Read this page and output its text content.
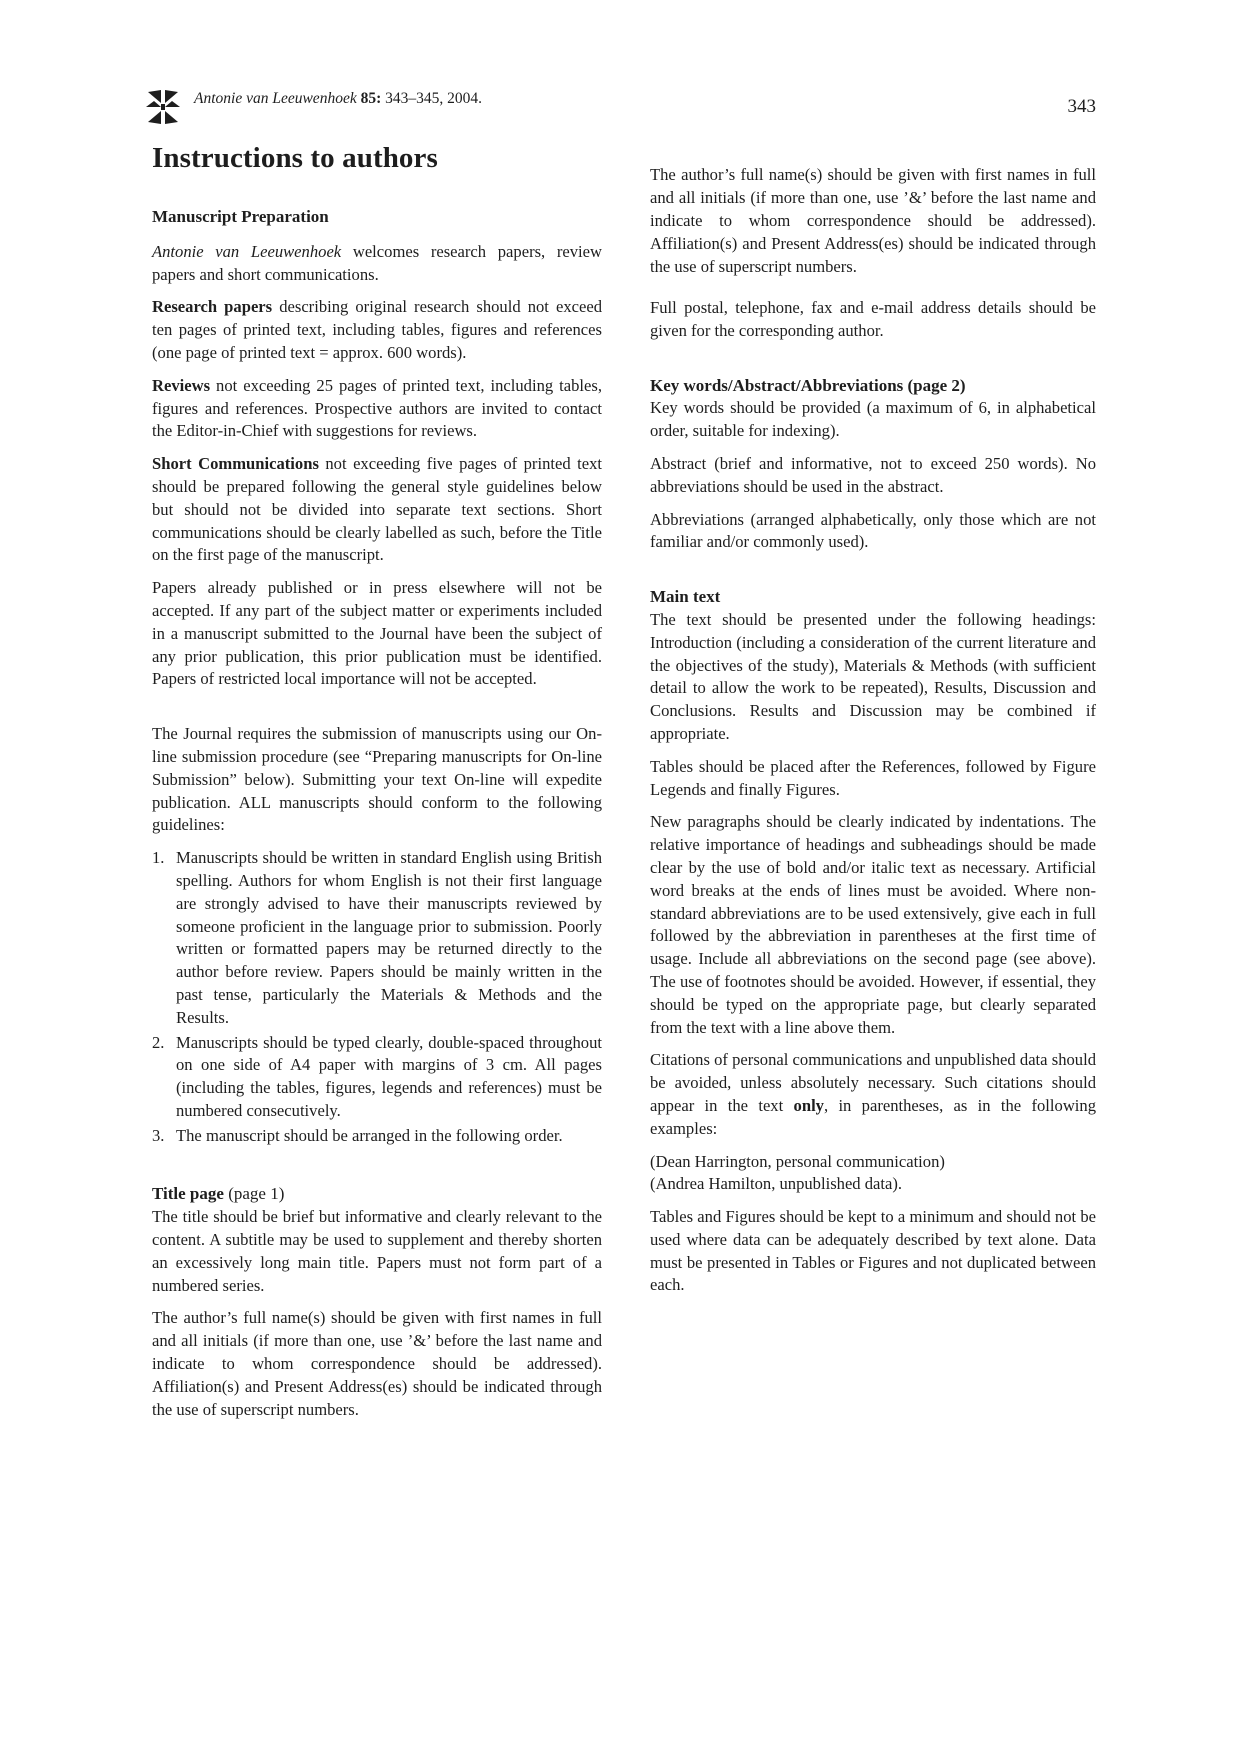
Antonie van Leeuwenhoek 85: 343–345, 2004.	343
Instructions to authors
Manuscript Preparation

Antonie van Leeuwenhoek welcomes research papers, review papers and short communications.

Research papers describing original research should not exceed ten pages of printed text, including tables, figures and references (one page of printed text = approx. 600 words).

Reviews not exceeding 25 pages of printed text, including tables, figures and references. Prospective authors are invited to contact the Editor-in-Chief with suggestions for reviews.

Short Communications not exceeding five pages of printed text should be prepared following the general style guidelines below but should not be divided into separate text sections. Short communications should be clearly labelled as such, before the Title on the first page of the manuscript.

Papers already published or in press elsewhere will not be accepted. If any part of the subject matter or experiments included in a manuscript submitted to the Journal have been the subject of any prior publication, this prior publication must be identified. Papers of restricted local importance will not be accepted.

The Journal requires the submission of manuscripts using our On-line submission procedure (see “Preparing manuscripts for On-line Submission” below). Submitting your text On-line will expedite publication. ALL manuscripts should conform to the following guidelines:

1. Manuscripts should be written in standard English using British spelling. Authors for whom English is not their first language are strongly advised to have their manuscripts reviewed by someone proficient in the language prior to submission. Poorly written or formatted papers may be returned directly to the author before review. Papers should be mainly written in the past tense, particularly the Materials & Methods and the Results.
2. Manuscripts should be typed clearly, double-spaced throughout on one side of A4 paper with margins of 3 cm. All pages (including the tables, figures, legends and references) must be numbered consecutively.
3. The manuscript should be arranged in the following order.
Title page (page 1)

The title should be brief but informative and clearly relevant to the content. A subtitle may be used to supplement and thereby shorten an excessively long main title. Papers must not form part of a numbered series.

The author’s full name(s) should be given with first names in full and all initials (if more than one, use ’&’ before the last name and indicate to whom correspondence should be addressed). Affiliation(s) and Present Address(es) should be indicated through the use of superscript numbers.

The author’s full name(s) should be given with first names in full and all initials (if more than one, use ’&’ before the last name and indicate to whom correspondence should be addressed). Affiliation(s) and Present Address(es) should be indicated through the use of superscript numbers.

Full postal, telephone, fax and e-mail address details should be given for the corresponding author.

Key words/Abstract/Abbreviations (page 2)

Key words should be provided (a maximum of 6, in alphabetical order, suitable for indexing).

Abstract (brief and informative, not to exceed 250 words). No abbreviations should be used in the abstract.

Abbreviations (arranged alphabetically, only those which are not familiar and/or commonly used).

Main text

The text should be presented under the following headings: Introduction (including a consideration of the current literature and the objectives of the study), Materials & Methods (with sufficient detail to allow the work to be repeated), Results, Discussion and Conclusions. Results and Discussion may be combined if appropriate.

Tables should be placed after the References, followed by Figure Legends and finally Figures.

New paragraphs should be clearly indicated by indentations. The relative importance of headings and subheadings should be made clear by the use of bold and/or italic text as necessary. Artificial word breaks at the ends of lines must be avoided. Where non-standard abbreviations are to be used extensively, give each in full followed by the abbreviation in parentheses at the first time of usage. Include all abbreviations on the second page (see above). The use of footnotes should be avoided. However, if essential, they should be typed on the appropriate page, but clearly separated from the text with a line above them.

Citations of personal communications and unpublished data should be avoided, unless absolutely necessary. Such citations should appear in the text only, in parentheses, as in the following examples:

(Dean Harrington, personal communication)

(Andrea Hamilton, unpublished data).

Tables and Figures should be kept to a minimum and should not be used where data can be adequately described by text alone. Data must be presented in Tables or Figures and not duplicated between each.
